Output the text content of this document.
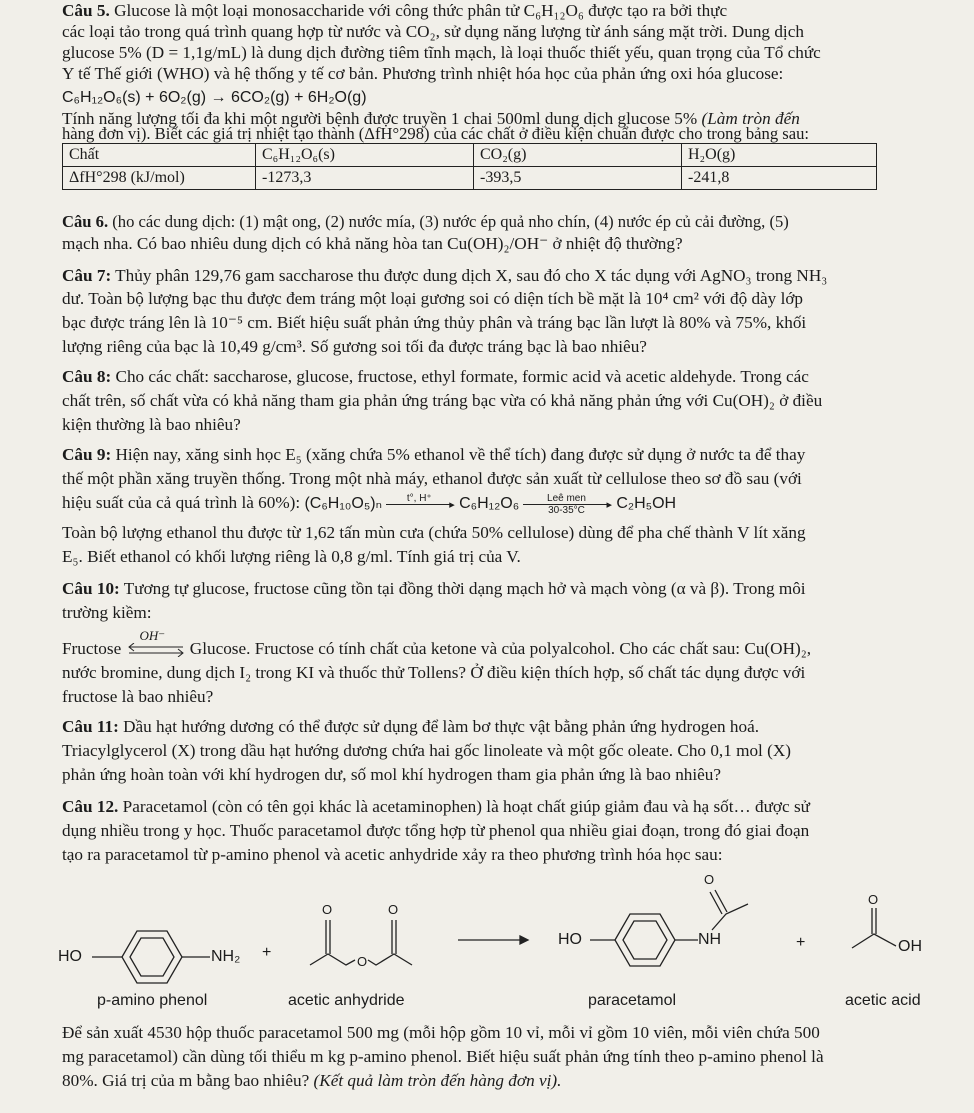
Câu 5. Glucose là một loại monosaccharide với công thức phân tử C₆H₁₂O₆ được tạo ra bởi thực
các loại tảo trong quá trình quang hợp từ nước và CO₂, sử dụng năng lượng từ ánh sáng mặt trời. Dung dịch
glucose 5% (D = 1,1g/mL) là dung dịch đường tiêm tĩnh mạch, là loại thuốc thiết yếu, quan trọng của Tổ chức
Y tế Thế giới (WHO) và hệ thống y tế cơ bản. Phương trình nhiệt hóa học của phản ứng oxi hóa glucose:
C₆H₁₂O₆(s) + 6O₂(g) → 6CO₂(g) + 6H₂O(g)
Tính năng lượng tối đa khi một người bệnh được truyền 1 chai 500ml dung dịch glucose 5% (Làm tròn đến
hàng đơn vị). Biết các giá trị nhiệt tạo thành (ΔfH°298) của các chất ở điều kiện chuẩn được cho trong bảng sau:
Chất	C₆H₁₂O₆(s)	CO₂(g)	H₂O(g)
ΔfH°298 (kJ/mol)	-1273,3	-393,5	-241,8
Câu 6. (ho các dung dịch: (1) mật ong, (2) nước mía, (3) nước ép quả nho chín, (4) nước ép củ cải đường, (5)
mạch nha. Có bao nhiêu dung dịch có khả năng hòa tan Cu(OH)₂/OH⁻ ở nhiệt độ thường?
Câu 7: Thủy phân 129,76 gam saccharose thu được dung dịch X, sau đó cho X tác dụng với AgNO₃ trong NH₃
dư. Toàn bộ lượng bạc thu được đem tráng một loại gương soi có diện tích bề mặt là 10⁴ cm² với độ dày lớp
bạc được tráng lên là 10⁻⁵ cm. Biết hiệu suất phản ứng thủy phân và tráng bạc lần lượt là 80% và 75%, khối
lượng riêng của bạc là 10,49 g/cm³. Số gương soi tối đa được tráng bạc là bao nhiêu?
Câu 8: Cho các chất: saccharose, glucose, fructose, ethyl formate, formic acid và acetic aldehyde. Trong các
chất trên, số chất vừa có khả năng tham gia phản ứng tráng bạc vừa có khả năng phản ứng với Cu(OH)₂ ở điều
kiện thường là bao nhiêu?
Câu 9: Hiện nay, xăng sinh học E₅ (xăng chứa 5% ethanol về thể tích) đang được sử dụng ở nước ta để thay
thế một phần xăng truyền thống. Trong một nhà máy, ethanol được sản xuất từ cellulose theo sơ đồ sau (với
hiệu suất của cả quá trình là 60%): (C₆H₁₀O₅)ₙ	t°, H⁺	▸ C₆H₁₂O₆	Leê men
30-35°C	▸ C₂H₅OH
Toàn bộ lượng ethanol thu được từ 1,62 tấn mùn cưa (chứa 50% cellulose) dùng để pha chế thành V lít xăng
E₅. Biết ethanol có khối lượng riêng là 0,8 g/ml. Tính giá trị của V.
Câu 10: Tương tự glucose, fructose cũng tồn tại đồng thời dạng mạch hở và mạch vòng (α và β). Trong môi
trường kiềm:
Fructose
OH⁻
Glucose. Fructose có tính chất của ketone và của polyalcohol. Cho các chất sau: Cu(OH)₂,
nước bromine, dung dịch I₂ trong KI và thuốc thử Tollens? Ở điều kiện thích hợp, số chất tác dụng được với
fructose là bao nhiêu?
Câu 11: Dầu hạt hướng dương có thể được sử dụng để làm bơ thực vật bằng phản ứng hydrogen hoá.
Triacylglycerol (X) trong dầu hạt hướng dương chứa hai gốc linoleate và một gốc oleate. Cho 0,1 mol (X)
phản ứng hoàn toàn với khí hydrogen dư, số mol khí hydrogen tham gia phản ứng là bao nhiêu?
Câu 12. Paracetamol (còn có tên gọi khác là acetaminophen) là hoạt chất giúp giảm đau và hạ sốt… được sử
dụng nhiều trong y học. Thuốc paracetamol được tổng hợp từ phenol qua nhiều giai đoạn, trong đó giai đoạn
tạo ra paracetamol từ p-amino phenol và acetic anhydride xảy ra theo phương trình hóa học sau:
HO	NH₂ +
O	O
O
HO	NH
O
+
O
OH
p-amino phenol	acetic anhydride	paracetamol	acetic acid
Để sản xuất 4530 hộp thuốc paracetamol 500 mg (mỗi hộp gồm 10 vỉ, mỗi vỉ gồm 10 viên, mỗi viên chứa 500
mg paracetamol) cần dùng tối thiểu m kg p-amino phenol. Biết hiệu suất phản ứng tính theo p-amino phenol là
80%. Giá trị của m bằng bao nhiêu? (Kết quả làm tròn đến hàng đơn vị).
